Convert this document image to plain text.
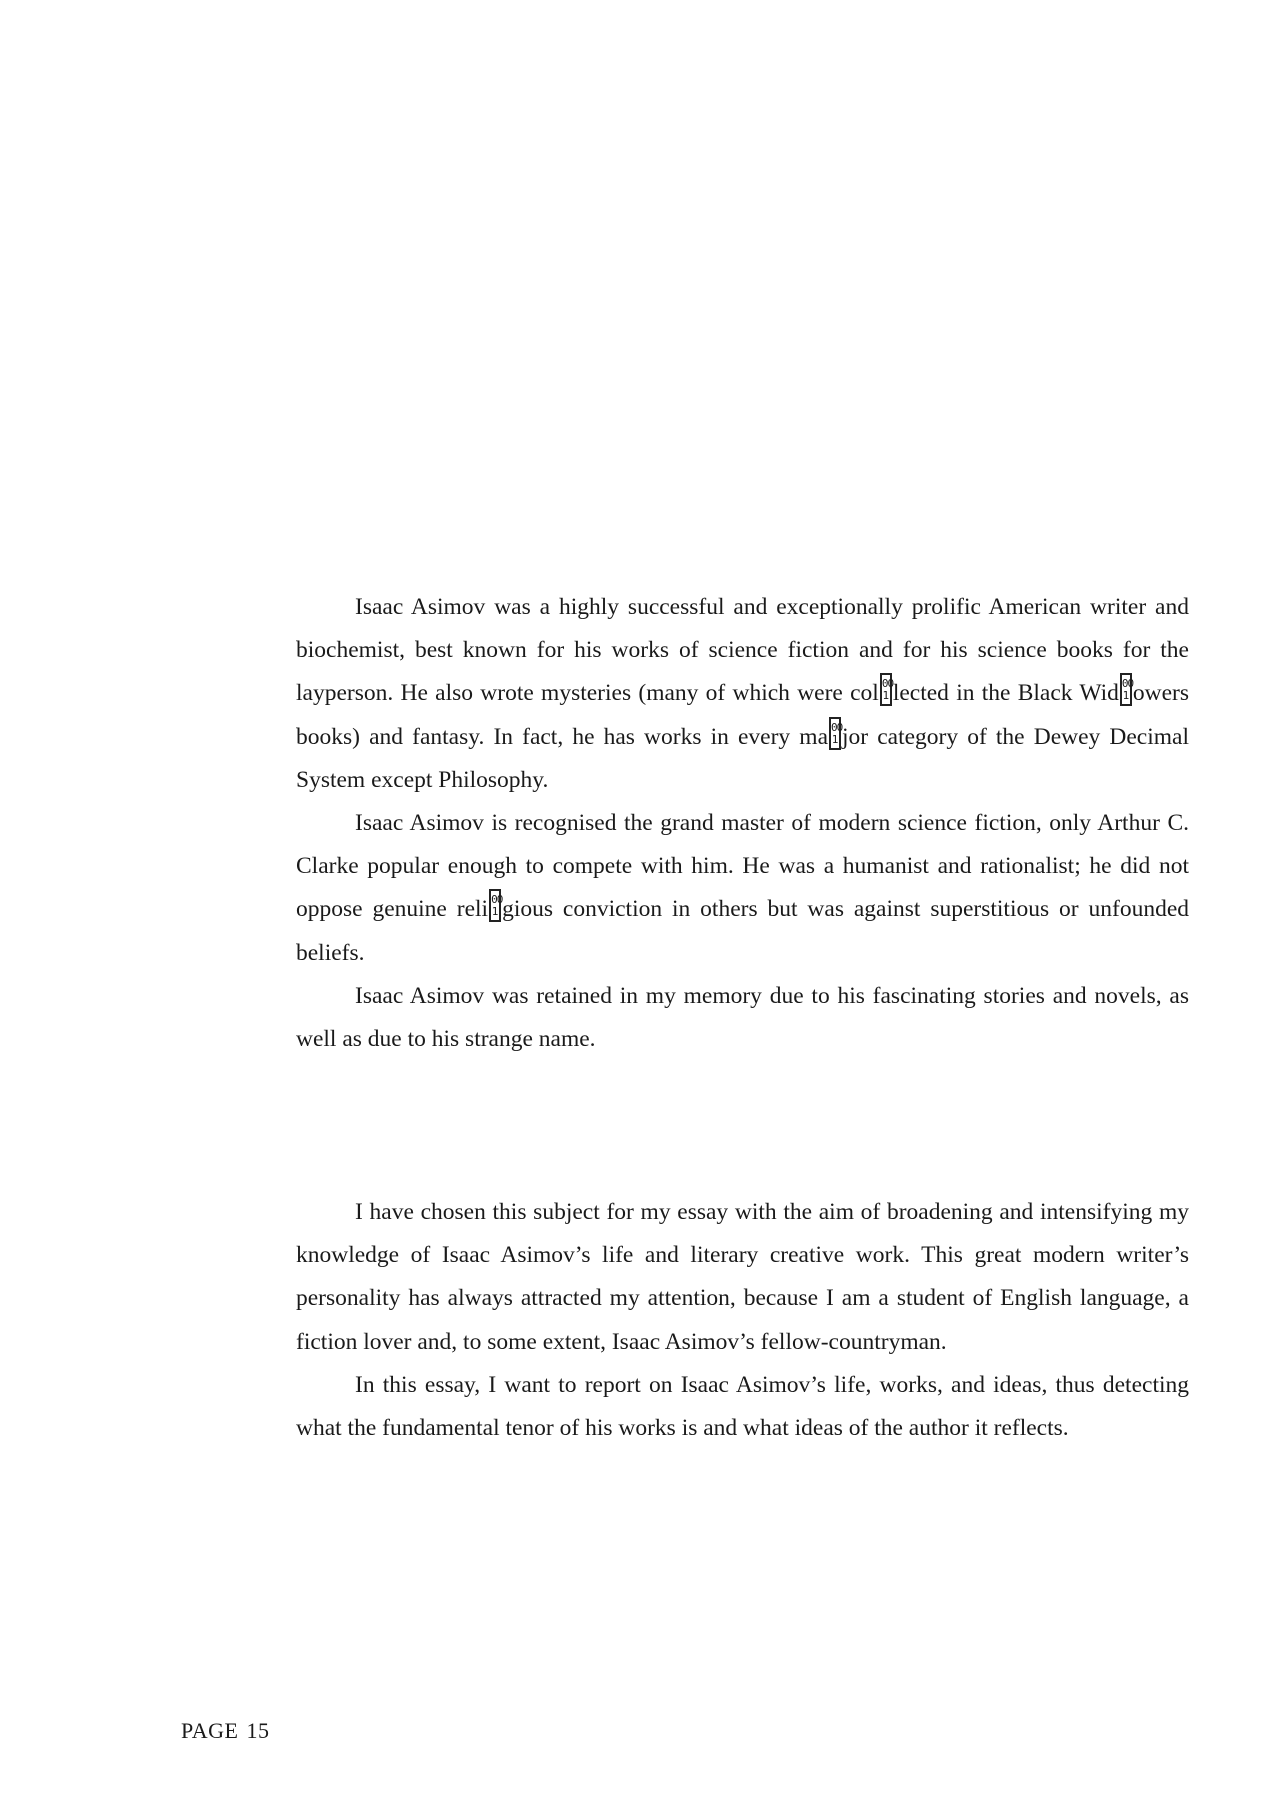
Isaac Asimov was a highly successful and exceptionally prolific American writer and biochemist, best known for his works of science fiction and for his science books for the layperson. He also wrote mysteries (many of which were col 00
1 lected in the Black Wid 00
1 owers books) and fantasy. In fact, he has works in every ma 00
1 jor category of the Dewey Decimal System except Philosophy.

Isaac Asimov is recognised the grand master of modern science fiction, only Arthur C. Clarke popular enough to compete with him. He was a humanist and rationalist; he did not oppose genuine reli 00
1 gious conviction in others but was against superstitious or unfounded beliefs.

Isaac Asimov was retained in my memory due to his fascinating stories and novels, as well as due to his strange name.

I have chosen this subject for my essay with the aim of broadening and intensifying my knowledge of Isaac Asimov’s life and literary creative work. This great modern writer’s personality has always attracted my attention, because I am a student of English language, a fiction lover and, to some extent, Isaac Asimov’s fellow-countryman.

In this essay, I want to report on Isaac Asimov’s life, works, and ideas, thus detecting what the fundamental tenor of his works is and what ideas of the author it reflects.

PAGE 15
